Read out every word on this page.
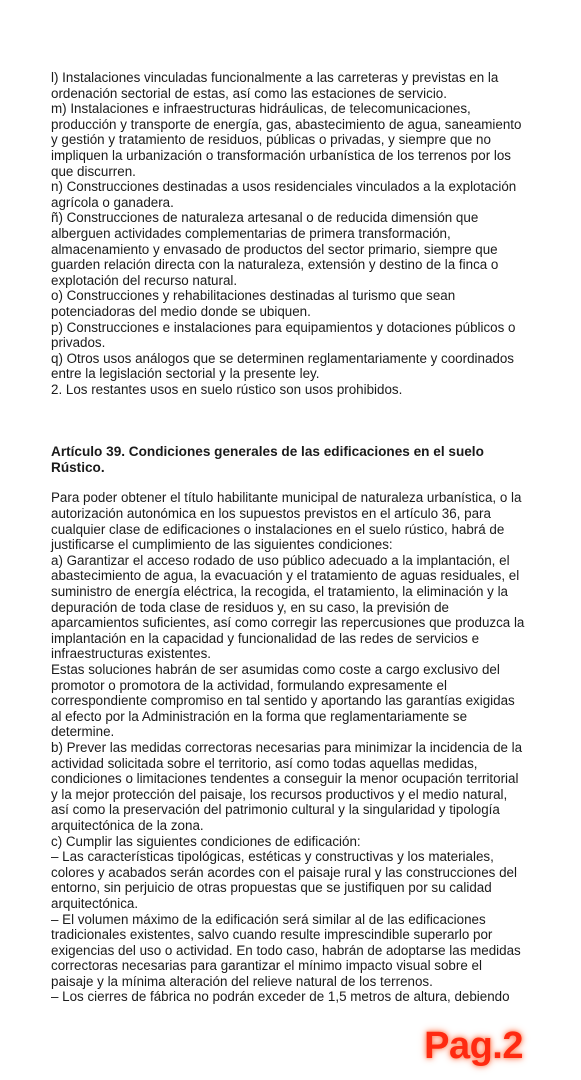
l) Instalaciones vinculadas funcionalmente a las carreteras y previstas en la
ordenación sectorial de estas, así como las estaciones de servicio.
m) Instalaciones e infraestructuras hidráulicas, de telecomunicaciones,
producción y transporte de energía, gas, abastecimiento de agua, saneamiento
y gestión y tratamiento de residuos, públicas o privadas, y siempre que no
impliquen la urbanización o transformación urbanística de los terrenos por los
que discurren.
n) Construcciones destinadas a usos residenciales vinculados a la explotación
agrícola o ganadera.
ñ) Construcciones de naturaleza artesanal o de reducida dimensión que
alberguen actividades complementarias de primera transformación,
almacenamiento y envasado de productos del sector primario, siempre que
guarden relación directa con la naturaleza, extensión y destino de la finca o
explotación del recurso natural.
o) Construcciones y rehabilitaciones destinadas al turismo que sean
potenciadoras del medio donde se ubiquen.
p) Construcciones e instalaciones para equipamientos y dotaciones públicos o
privados.
q) Otros usos análogos que se determinen reglamentariamente y coordinados
entre la legislación sectorial y la presente ley.
2. Los restantes usos en suelo rústico son usos prohibidos.
Artículo 39. Condiciones generales de las edificaciones en el suelo
Rústico.
Para poder obtener el título habilitante municipal de naturaleza urbanística, o la
autorización autonómica en los supuestos previstos en el artículo 36, para
cualquier clase de edificaciones o instalaciones en el suelo rústico, habrá de
justificarse el cumplimiento de las siguientes condiciones:
a) Garantizar el acceso rodado de uso público adecuado a la implantación, el
abastecimiento de agua, la evacuación y el tratamiento de aguas residuales, el
suministro de energía eléctrica, la recogida, el tratamiento, la eliminación y la
depuración de toda clase de residuos y, en su caso, la previsión de
aparcamientos suficientes, así como corregir las repercusiones que produzca la
implantación en la capacidad y funcionalidad de las redes de servicios e
infraestructuras existentes.
Estas soluciones habrán de ser asumidas como coste a cargo exclusivo del
promotor o promotora de la actividad, formulando expresamente el
correspondiente compromiso en tal sentido y aportando las garantías exigidas
al efecto por la Administración en la forma que reglamentariamente se
determine.
b) Prever las medidas correctoras necesarias para minimizar la incidencia de la
actividad solicitada sobre el territorio, así como todas aquellas medidas,
condiciones o limitaciones tendentes a conseguir la menor ocupación territorial
y la mejor protección del paisaje, los recursos productivos y el medio natural,
así como la preservación del patrimonio cultural y la singularidad y tipología
arquitectónica de la zona.
c) Cumplir las siguientes condiciones de edificación:
– Las características tipológicas, estéticas y constructivas y los materiales,
colores y acabados serán acordes con el paisaje rural y las construcciones del
entorno, sin perjuicio de otras propuestas que se justifiquen por su calidad
arquitectónica.
– El volumen máximo de la edificación será similar al de las edificaciones
tradicionales existentes, salvo cuando resulte imprescindible superarlo por
exigencias del uso o actividad. En todo caso, habrán de adoptarse las medidas
correctoras necesarias para garantizar el mínimo impacto visual sobre el
paisaje y la mínima alteración del relieve natural de los terrenos.
– Los cierres de fábrica no podrán exceder de 1,5 metros de altura, debiendo
Pag.2
